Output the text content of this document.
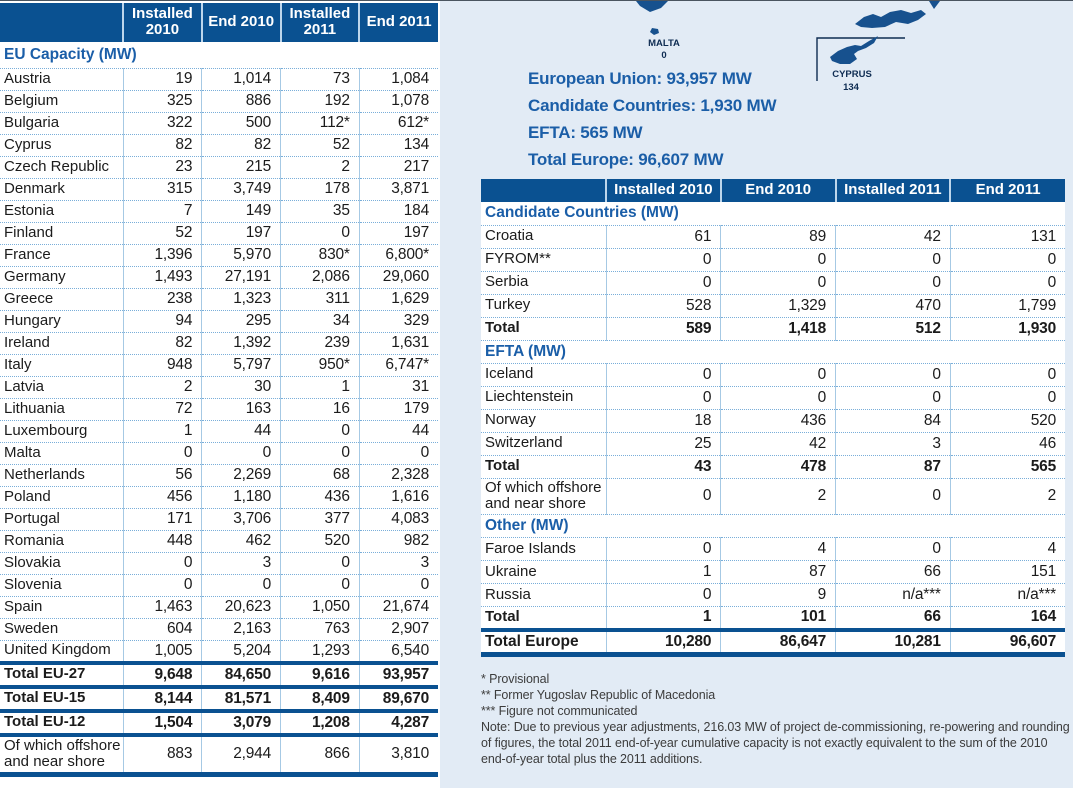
	Installed 2010	End 2010	Installed 2011	End 2011
EU Capacity (MW)				
Austria	19	1,014	73	1,084
Belgium	325	886	192	1,078
Bulgaria	322	500	112*	612*
Cyprus	82	82	52	134
Czech Republic	23	215	2	217
Denmark	315	3,749	178	3,871
Estonia	7	149	35	184
Finland	52	197	0	197
France	1,396	5,970	830*	6,800*
Germany	1,493	27,191	2,086	29,060
Greece	238	1,323	311	1,629
Hungary	94	295	34	329
Ireland	82	1,392	239	1,631
Italy	948	5,797	950*	6,747*
Latvia	2	30	1	31
Lithuania	72	163	16	179
Luxembourg	1	44	0	44
Malta	0	0	0	0
Netherlands	56	2,269	68	2,328
Poland	456	1,180	436	1,616
Portugal	171	3,706	377	4,083
Romania	448	462	520	982
Slovakia	0	3	0	3
Slovenia	0	0	0	0
Spain	1,463	20,623	1,050	21,674
Sweden	604	2,163	763	2,907
United Kingdom	1,005	5,204	1,293	6,540
Total EU-27	9,648	84,650	9,616	93,957
Total EU-15	8,144	81,571	8,409	89,670
Total EU-12	1,504	3,079	1,208	4,287
Of which offshore and near shore	883	2,944	866	3,810
MALTA
0
CYPRUS
134
European Union: 93,957 MW
Candidate Countries: 1,930 MW
EFTA: 565 MW
Total Europe: 96,607 MW
	Installed 2010	End 2010	Installed 2011	End 2011
Candidate Countries (MW)				
Croatia	61	89	42	131
FYROM**	0	0	0	0
Serbia	0	0	0	0
Turkey	528	1,329	470	1,799
Total	589	1,418	512	1,930
EFTA (MW)				
Iceland	0	0	0	0
Liechtenstein	0	0	0	0
Norway	18	436	84	520
Switzerland	25	42	3	46
Total	43	478	87	565
Of which offshore and near shore	0	2	0	2
Other (MW)				
Faroe Islands	0	4	0	4
Ukraine	1	87	66	151
Russia	0	9	n/a***	n/a***
Total	1	101	66	164
Total Europe	10,280	86,647	10,281	96,607
* Provisional
** Former Yugoslav Republic of Macedonia
*** Figure not communicated
Note: Due to previous year adjustments, 216.03 MW of project de-commissioning, re-powering and rounding of figures, the total 2011 end-of-year cumulative capacity is not exactly equivalent to the sum of the 2010 end-of-year total plus the 2011 additions.
